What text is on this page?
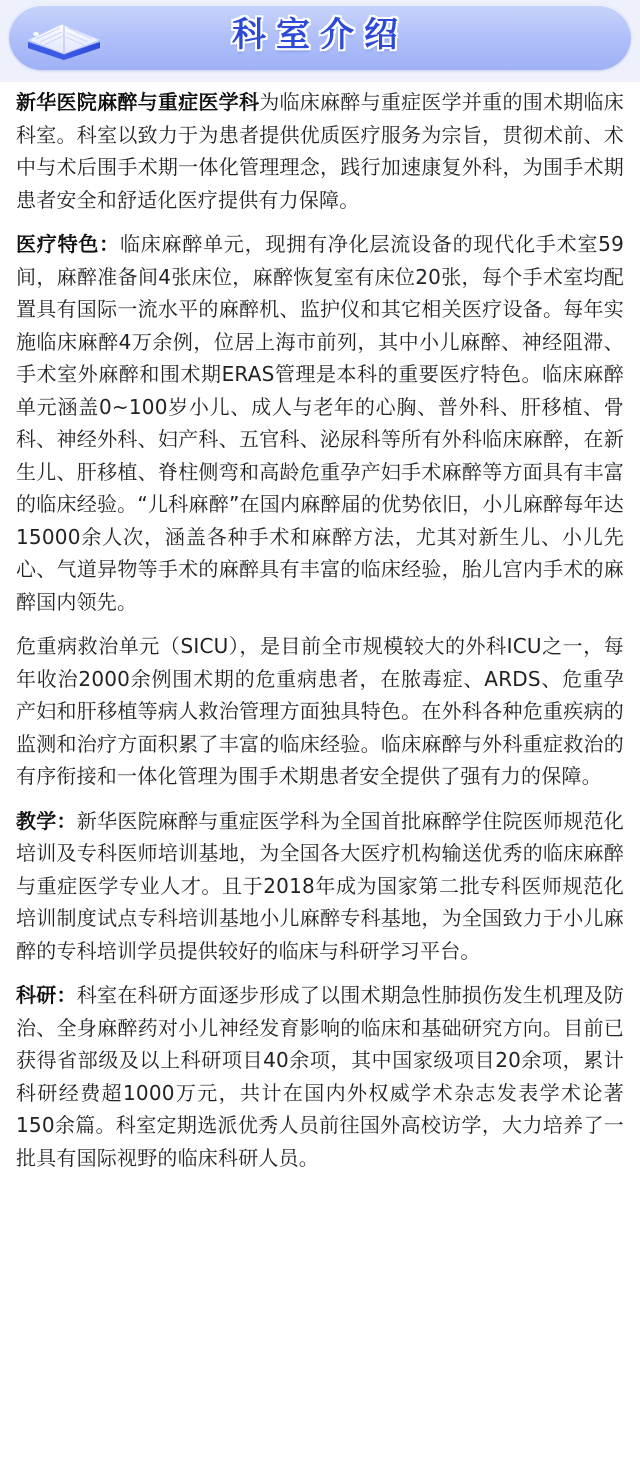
科室介绍

新华医院麻醉与重症医学科为临床麻醉与重症医学并重的围术期临床科室。科室以致力于为患者提供优质医疗服务为宗旨，贯彻术前、术中与术后围手术期一体化管理理念，践行加速康复外科，为围手术期患者安全和舒适化医疗提供有力保障。

医疗特色：临床麻醉单元，现拥有净化层流设备的现代化手术室59间，麻醉准备间4张床位，麻醉恢复室有床位20张，每个手术室均配置具有国际一流水平的麻醉机、监护仪和其它相关医疗设备。每年实施临床麻醉4万余例，位居上海市前列，其中小儿麻醉、神经阻滞、手术室外麻醉和围术期ERAS管理是本科的重要医疗特色。临床麻醉单元涵盖0~100岁小儿、成人与老年的心胸、普外科、肝移植、骨科、神经外科、妇产科、五官科、泌尿科等所有外科临床麻醉，在新生儿、肝移植、脊柱侧弯和高龄危重孕产妇手术麻醉等方面具有丰富的临床经验。“儿科麻醉”在国内麻醉届的优势依旧，小儿麻醉每年达15000余人次，涵盖各种手术和麻醉方法，尤其对新生儿、小儿先心、气道异物等手术的麻醉具有丰富的临床经验，胎儿宫内手术的麻醉国内领先。

危重病救治单元（SICU），是目前全市规模较大的外科ICU之一，每年收治2000余例围术期的危重病患者，在脓毒症、ARDS、危重孕产妇和肝移植等病人救治管理方面独具特色。在外科各种危重疾病的监测和治疗方面积累了丰富的临床经验。临床麻醉与外科重症救治的有序衔接和一体化管理为围手术期患者安全提供了强有力的保障。

教学：新华医院麻醉与重症医学科为全国首批麻醉学住院医师规范化培训及专科医师培训基地，为全国各大医疗机构输送优秀的临床麻醉与重症医学专业人才。且于2018年成为国家第二批专科医师规范化培训制度试点专科培训基地小儿麻醉专科基地，为全国致力于小儿麻醉的专科培训学员提供较好的临床与科研学习平台。

科研：科室在科研方面逐步形成了以围术期急性肺损伤发生机理及防治、全身麻醉药对小儿神经发育影响的临床和基础研究方向。目前已获得省部级及以上科研项目40余项，其中国家级项目20余项，累计科研经费超1000万元，共计在国内外权威学术杂志发表学术论著150余篇。科室定期选派优秀人员前往国外高校访学，大力培养了一批具有国际视野的临床科研人员。
